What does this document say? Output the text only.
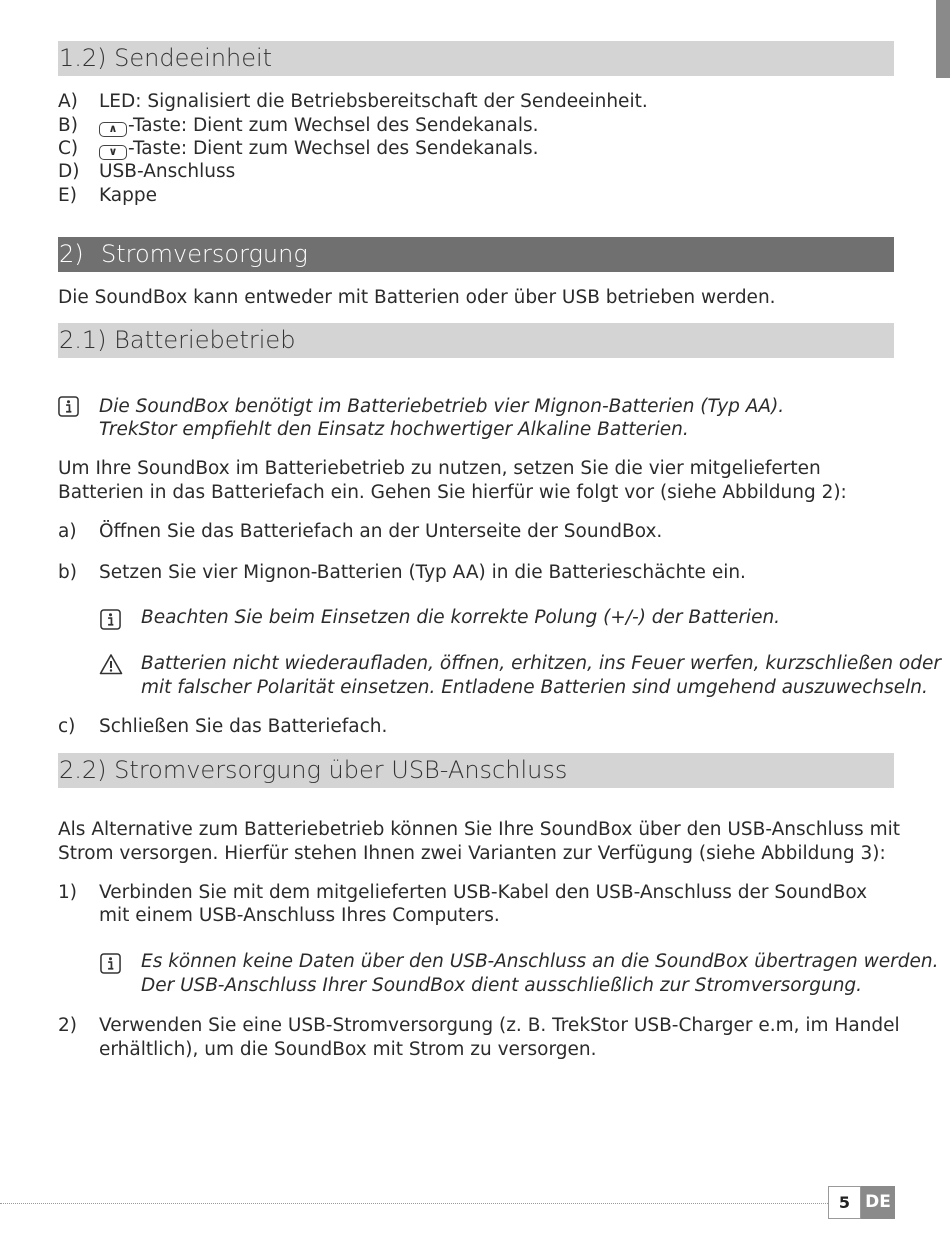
1.2) Sendeeinheit
A) LED: Signalisiert die Betriebsbereitschaft der Sendeeinheit.
B)	∧ -Taste: Dient zum Wechsel des Sendekanals.
C)	∨ -Taste: Dient zum Wechsel des Sendekanals.
D) USB-Anschluss
E) Kappe
2) Stromversorgung
Die SoundBox kann entweder mit Batterien oder über USB betrieben werden.
2.1) Batteriebetrieb
Die SoundBox benötigt im Batteriebetrieb vier Mignon-Batterien (Typ AA).
TrekStor empfiehlt den Einsatz hochwertiger Alkaline Batterien.
Um Ihre SoundBox im Batteriebetrieb zu nutzen, setzen Sie die vier mitgelieferten
Batterien in das Batteriefach ein. Gehen Sie hierfür wie folgt vor (siehe Abbildung 2):
a) Öffnen Sie das Batteriefach an der Unterseite der SoundBox.
b) Setzen Sie vier Mignon-Batterien (Typ AA) in die Batterieschächte ein.
Beachten Sie beim Einsetzen die korrekte Polung (+/-) der Batterien.
Batterien nicht wiederaufladen, öffnen, erhitzen, ins Feuer werfen, kurzschließen oder
mit falscher Polarität einsetzen. Entladene Batterien sind umgehend auszuwechseln.
c) Schließen Sie das Batteriefach.
2.2) Stromversorgung über USB-Anschluss
Als Alternative zum Batteriebetrieb können Sie Ihre SoundBox über den USB-Anschluss mit
Strom versorgen. Hierfür stehen Ihnen zwei Varianten zur Verfügung (siehe Abbildung 3):
1) Verbinden Sie mit dem mitgelieferten USB-Kabel den USB-Anschluss der SoundBox
mit einem USB-Anschluss Ihres Computers.
Es können keine Daten über den USB-Anschluss an die SoundBox übertragen werden.
Der USB-Anschluss Ihrer SoundBox dient ausschließlich zur Stromversorgung.
2) Verwenden Sie eine USB-Stromversorgung (z. B. TrekStor USB-Charger e.m, im Handel
erhältlich), um die SoundBox mit Strom zu versorgen.
5 DE
